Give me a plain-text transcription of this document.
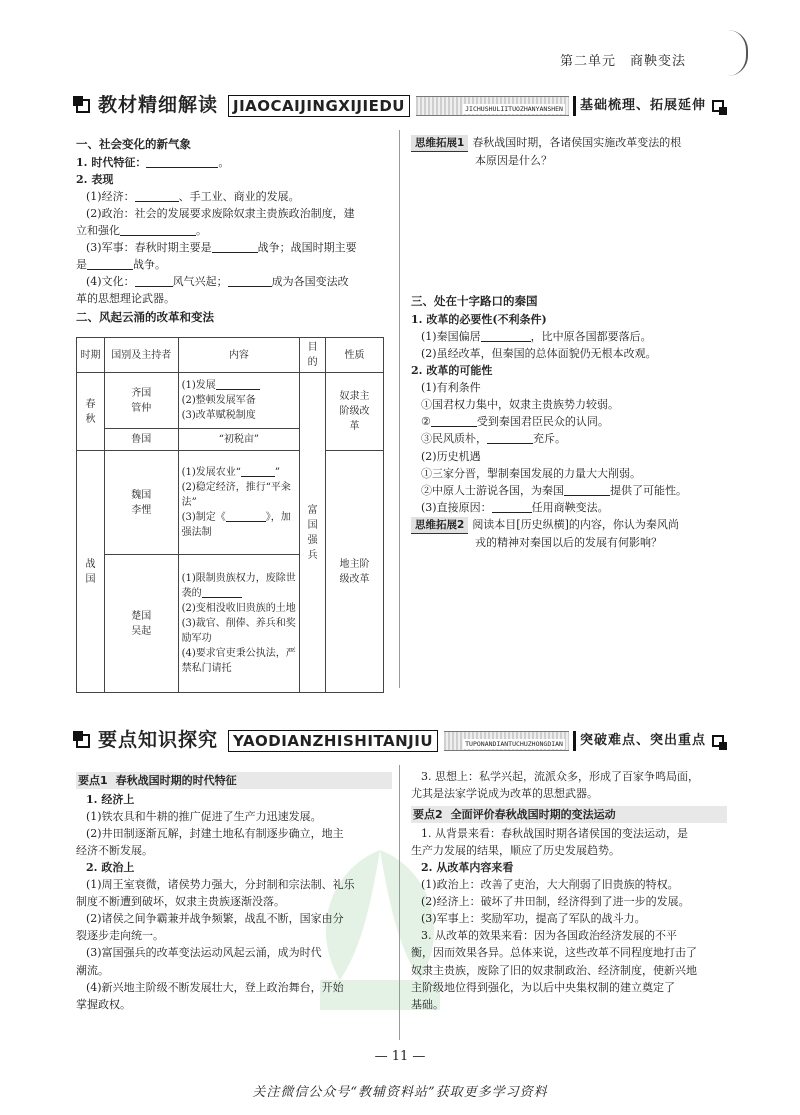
第二单元　商鞅变法
教材精细解读	JIAOCAIJINGXIJIEDU	JICHUSHULIITUOZHANYANSHEN	基础梳理、拓展延伸
一、社会变化的新气象
1. 时代特征：	。
2. 表现
(1)经济：	、手工业、商业的发展。
(2)政治：社会的发展要求废除奴隶主贵族政治制度，建
立和强化	。
(3)军事：春秋时期主要是	战争；战国时期主要
是	战争。
(4)文化：	风气兴起；	成为各国变法改
革的思想理论武器。
二、风起云涌的改革和变法
时期	国别及主持者	内容	目的	性质

春秋	齐国管仲	(1)发展
(2)整顿发展军备
(3)改革赋税制度	富国强兵	奴隶主阶级改革

	鲁国	“初税亩”		

战国	魏国李悝	(1)发展农业“ ”
(2)稳定经济，推行“平籴法”
(3)制定《 》，加强法制		地主阶级改革

	楚国吴起	(1)限制贵族权力，废除世袭的
(2)变相没收旧贵族的土地
(3)裁官、削俸、养兵和奖励军功
(4)要求官吏秉公执法，严禁私门请托		
思维拓展1 春秋战国时期，各诸侯国实施改革变法的根
本原因是什么？
三、处在十字路口的秦国
1. 改革的必要性(不利条件)
(1)秦国偏居	，比中原各国都要落后。
(2)虽经改革，但秦国的总体面貌仍无根本改观。
2. 改革的可能性
(1)有利条件
①国君权力集中，奴隶主贵族势力较弱。
②	受到秦国君臣民众的认同。
③民风质朴，	充斥。
(2)历史机遇
①三家分晋，掣制秦国发展的力量大大削弱。
②中原人士游说各国，为秦国	提供了可能性。
(3)直接原因：	任用商鞅变法。
思维拓展2 阅读本目[历史纵横]的内容，你认为秦风尚
戎的精神对秦国以后的发展有何影响？
要点知识探究	YAODIANZHISHITANJIU	TUPONANDIANTUCHUZHONGDIAN	突破难点、突出重点
要点1 春秋战国时期的时代特征
1. 经济上
(1)铁农具和牛耕的推广促进了生产力迅速发展。
(2)井田制逐渐瓦解，封建土地私有制逐步确立，地主
经济不断发展。
2. 政治上
(1)周王室衰微，诸侯势力强大，分封制和宗法制、礼乐
制度不断遭到破坏，奴隶主贵族逐渐没落。
(2)诸侯之间争霸兼并战争频繁，战乱不断，国家由分
裂逐步走向统一。
(3)富国强兵的改革变法运动风起云涌，成为时代
潮流。
(4)新兴地主阶级不断发展壮大，登上政治舞台，开始
掌握政权。
3. 思想上：私学兴起，流派众多，形成了百家争鸣局面，
尤其是法家学说成为改革的思想武器。
要点2 全面评价春秋战国时期的变法运动
1. 从背景来看：春秋战国时期各诸侯国的变法运动，是
生产力发展的结果，顺应了历史发展趋势。
2. 从改革内容来看
(1)政治上：改善了吏治，大大削弱了旧贵族的特权。
(2)经济上：破坏了井田制，经济得到了进一步的发展。
(3)军事上：奖励军功，提高了军队的战斗力。
3. 从改革的效果来看：因为各国政治经济发展的不平
衡，因而效果各异。总体来说，这些改革不同程度地打击了
奴隶主贵族，废除了旧的奴隶制政治、经济制度，使新兴地
主阶级地位得到强化，为以后中央集权制的建立奠定了
基础。
— 11 —
关注微信公众号“教辅资料站”获取更多学习资料
